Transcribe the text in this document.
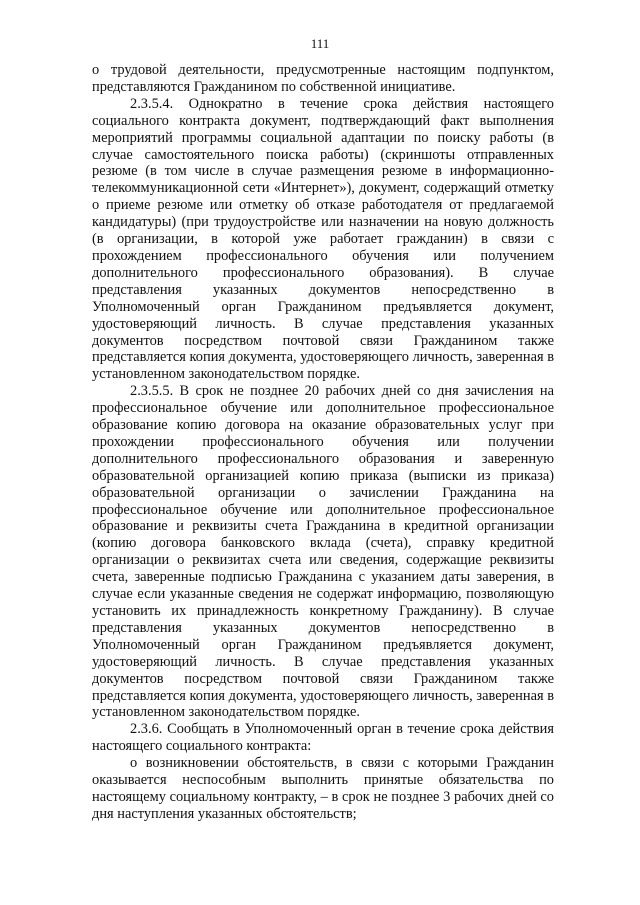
111

о трудовой деятельности, предусмотренные настоящим подпунктом, представляются Гражданином по собственной инициативе.

2.3.5.4. Однократно в течение срока действия настоящего социального контракта документ, подтверждающий факт выполнения мероприятий программы социальной адаптации по поиску работы (в случае самостоятельного поиска работы) (скриншоты отправленных резюме (в том числе в случае размещения резюме в информационно-телекоммуникационной сети «Интернет»), документ, содержащий отметку о приеме резюме или отметку об отказе работодателя от предлагаемой кандидатуры) (при трудоустройстве или назначении на новую должность (в организации, в которой уже работает гражданин) в связи с прохождением профессионального обучения или получением дополнительного профессионального образования). В случае представления указанных документов непосредственно в Уполномоченный орган Гражданином предъявляется документ, удостоверяющий личность. В случае представления указанных документов посредством почтовой связи Гражданином также представляется копия документа, удостоверяющего личность, заверенная в установленном законодательством порядке.

2.3.5.5. В срок не позднее 20 рабочих дней со дня зачисления на профессиональное обучение или дополнительное профессиональное образование копию договора на оказание образовательных услуг при прохождении профессионального обучения или получении дополнительного профессионального образования и заверенную образовательной организацией копию приказа (выписки из приказа) образовательной организации о зачислении Гражданина на профессиональное обучение или дополнительное профессиональное образование и реквизиты счета Гражданина в кредитной организации (копию договора банковского вклада (счета), справку кредитной организации о реквизитах счета или сведения, содержащие реквизиты счета, заверенные подписью Гражданина с указанием даты заверения, в случае если указанные сведения не содержат информацию, позволяющую установить их принадлежность конкретному Гражданину). В случае представления указанных документов непосредственно в Уполномоченный орган Гражданином предъявляется документ, удостоверяющий личность. В случае представления указанных документов посредством почтовой связи Гражданином также представляется копия документа, удостоверяющего личность, заверенная в установленном законодательством порядке.

2.3.6. Сообщать в Уполномоченный орган в течение срока действия настоящего социального контракта:

о возникновении обстоятельств, в связи с которыми Гражданин оказывается неспособным выполнить принятые обязательства по настоящему социальному контракту, – в срок не позднее 3 рабочих дней со дня наступления указанных обстоятельств;
